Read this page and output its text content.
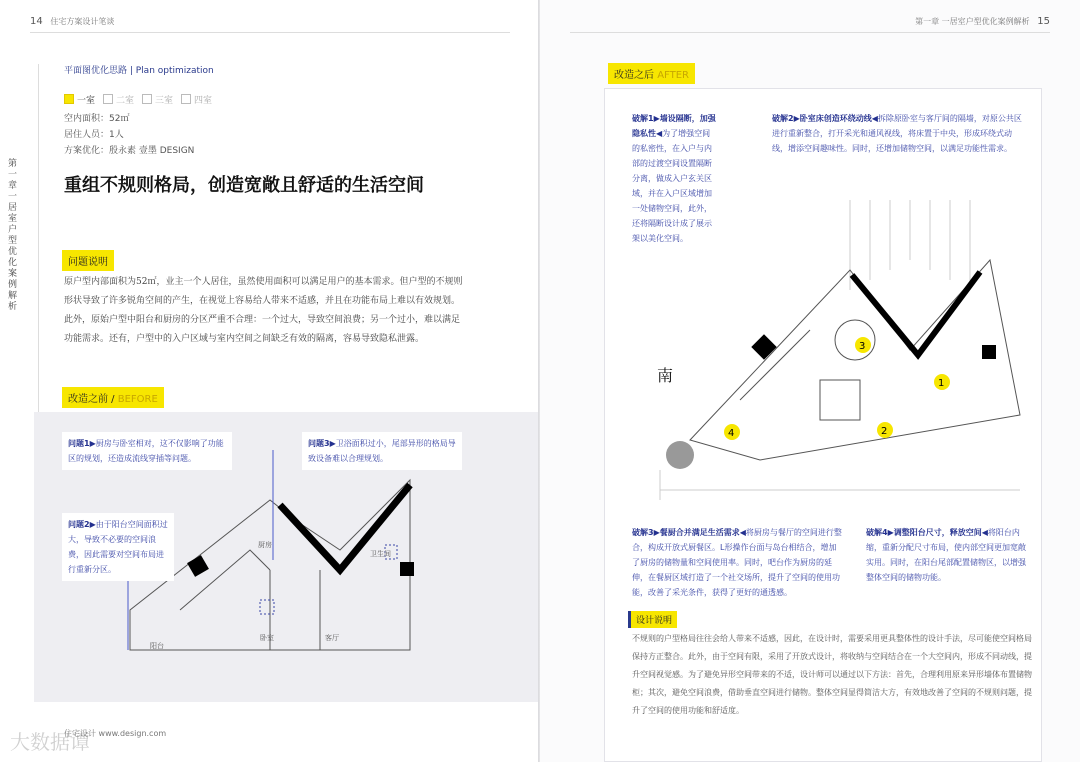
14 住宅方案设计笔谈
第一章 一居室户型优化案例解析
平面图优化思路 | Plan optimization
一室	二室	三室	四室
空内面积：52㎡
居住人员：1人
方案优化：殷永素 壹墨 DESIGN
重组不规则格局，创造宽敞且舒适的生活空间
问题说明
原户型内部面积为52㎡，业主一个人居住，虽然使用面积可以满足用户的基本需求。但户型的不规则形状导致了许多锐角空间的产生，在视觉上容易给人带来不适感，并且在功能布局上难以有效规划。此外，原始户型中阳台和厨房的分区严重不合理：一个过大，导致空间浪费；另一个过小，难以满足功能需求。还有，户型中的入户区域与室内空间之间缺乏有效的隔离，容易导致隐私泄露。
改造之前 / BEFORE
厨房
卫生间
卧室	客厅
阳台
问题1▶厨房与卧室相对，这不仅影响了功能区的规划，还造成流线穿插等问题。
问题2▶由于阳台空间面积过大，导致不必要的空间浪费，因此需要对空间布局进行重新分区。
问题3▶卫浴面积过小，尾部异形的格局导致设备难以合理规划。
住宅设计 www.design.com
大数据谭
第一章 一居室户型优化案例解析 15
改造之后 AFTER
3
1
2
4
南
破解1▶墙设隔断，加强隐私性◀为了增强空间的私密性，在入户与内部的过渡空间设置隔断分离，做成入户玄关区域，并在入户区域增加一处储物空间，此外，还将隔断设计成了展示架以美化空间。
破解2▶卧室床创造环绕动线◀拆除原卧室与客厅间的隔墙，对原公共区进行重新整合，打开采光和通风视线，将床置于中央，形成环绕式动线，增添空间趣味性。同时，还增加储物空间，以满足功能性需求。
破解3▶餐厨合并满足生活需求◀将厨房与餐厅的空间进行整合，构成开放式厨餐区。L形操作台面与岛台相结合，增加了厨房的储物量和空间使用率。同时，吧台作为厨房的延伸，在餐厨区域打造了一个社交场所，提升了空间的使用功能，改善了采光条件，获得了更好的通透感。
破解4▶调整阳台尺寸，释放空间◀将阳台内缩，重新分配尺寸布局，使内部空间更加宽敞实用。同时，在阳台尾部配置储物区，以增强整体空间的储物功能。
设计说明
不规则的户型格局往往会给人带来不适感，因此，在设计时，需要采用更具整体性的设计手法，尽可能使空间格局保持方正整合。此外，由于空间有限，采用了开放式设计，将收纳与空间结合在一个大空间内，形成不同动线，提升空间视觉感。为了避免异形空间带来的不适，设计师可以通过以下方法：首先，合理利用原来异形墙体布置储物柜；其次，避免空间浪费，借助垂直空间进行储物。整体空间显得简洁大方，有效地改善了空间的不规则问题，提升了空间的使用功能和舒适度。
